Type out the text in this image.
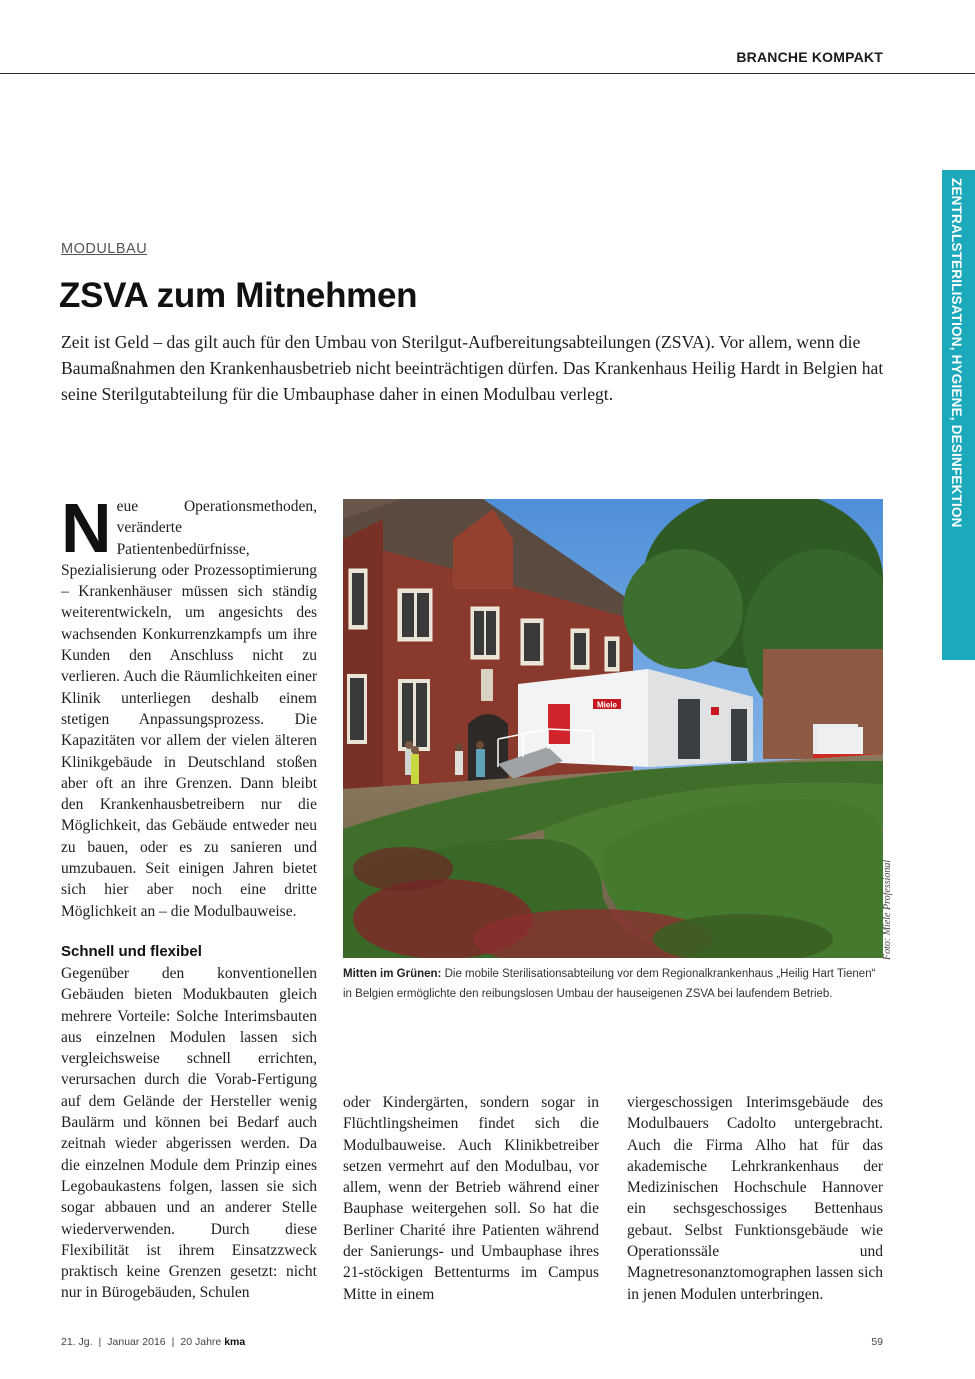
BRANCHE KOMPAKT
ZENTRALSTERILISATION, HYGIENE, DESINFEKTION
MODULBAU
ZSVA zum Mitnehmen

Zeit ist Geld – das gilt auch für den Umbau von Sterilgut-Aufbereitungsabteilungen (ZSVA). Vor allem, wenn die Baumaßnahmen den Krankenhausbetrieb nicht beeinträchtigen dürfen. Das Krankenhaus Heilig Hardt in Belgien hat seine Sterilgutabteilung für die Umbauphase daher in einen Modulbau verlegt.

Neue Operationsmethoden, veränderte Patientenbedürfnisse, Spezialisierung oder Prozessoptimierung – Krankenhäuser müssen sich ständig weiterentwickeln, um angesichts des wachsenden Konkurrenzkampfs um ihre Kunden den Anschluss nicht zu verlieren. Auch die Räumlichkeiten einer Klinik unterliegen deshalb einem stetigen Anpassungsprozess. Die Kapazitäten vor allem der vielen älteren Klinikgebäude in Deutschland stoßen aber oft an ihre Grenzen. Dann bleibt den Krankenhausbetreibern nur die Möglichkeit, das Gebäude entweder neu zu bauen, oder es zu sanieren und umzubauen. Seit einigen Jahren bietet sich hier aber noch eine dritte Möglichkeit an – die Modulbauweise.

Schnell und flexibel

Gegenüber den konventionellen Gebäuden bieten Modukbauten gleich mehrere Vorteile: Solche Interimsbauten aus einzelnen Modulen lassen sich vergleichsweise schnell errichten, verursachen durch die Vorab-Fertigung auf dem Gelände der Hersteller wenig Baulärm und können bei Bedarf auch zeitnah wieder abgerissen werden. Da die einzelnen Module dem Prinzip eines Legobaukastens folgen, lassen sie sich sogar abbauen und an anderer Stelle wiederverwenden. Durch diese Flexibilität ist ihrem Einsatzzweck praktisch keine Grenzen gesetzt: nicht nur in Bürogebäuden, Schulen

oder Kindergärten, sondern sogar in Flüchtlingsheimen findet sich die Modulbauweise. Auch Klinikbetreiber setzen vermehrt auf den Modulbau, vor allem, wenn der Betrieb während einer Bauphase weitergehen soll. So hat die Berliner Charité ihre Patienten während der Sanierungs- und Umbauphase ihres 21-stöckigen Bettenturms im Campus Mitte in einem

viergeschossigen Interimsgebäude des Modulbauers Cadolto untergebracht. Auch die Firma Alho hat für das akademische Lehrkrankenhaus der Medizinischen Hochschule Hannover ein sechsgeschossiges Bettenhaus gebaut. Selbst Funktionsgebäude wie Operationssäle und Magnetresonanztomographen lassen sich in jenen Modulen unterbringen.

Miele
Foto: Miele Professional

Mitten im Grünen: Die mobile Sterilisationsabteilung vor dem Regionalkrankenhaus „Heilig Hart Tienen“ in Belgien ermöglichte den reibungslosen Umbau der hauseigenen ZSVA bei laufendem Betrieb.

21. Jg. | Januar 2016 | 20 Jahre kma	59
